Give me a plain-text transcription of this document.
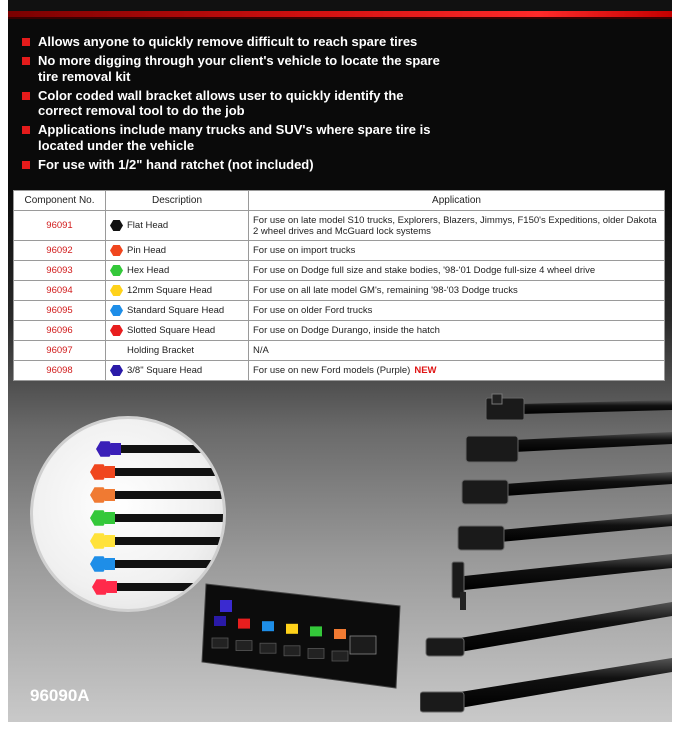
Allows anyone to quickly remove difficult to reach spare tires
No more digging through your client's vehicle to locate the spare tire removal kit
Color coded wall bracket allows user to quickly identify the correct removal tool to do the job
Applications include many trucks and SUV's where spare tire is located under the vehicle
For use with 1/2" hand ratchet (not included)
96090A
Component No.	Description	Application
96091	Flat Head	For use on late model S10 trucks, Explorers, Blazers, Jimmys, F150's Expeditions, older Dakota 2 wheel drives and McGuard lock systems
96092	Pin Head	For use on import trucks
96093	Hex Head	For use on Dodge full size and stake bodies, '98-'01 Dodge full-size 4 wheel drive
96094	12mm Square Head	For use on all late model GM's, remaining '98-'03 Dodge trucks
96095	Standard Square Head	For use on older Ford trucks
96096	Slotted Square Head	For use on Dodge Durango, inside the hatch
96097	Holding Bracket	N/A
96098	3/8" Square Head	For use on new Ford models (Purple) NEW
